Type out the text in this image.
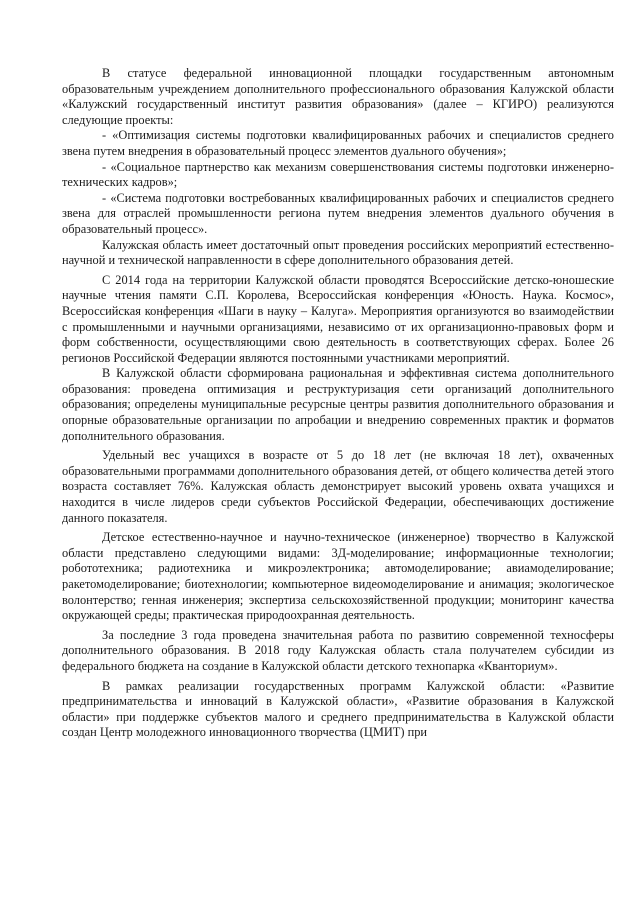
В статусе федеральной инновационной площадки государственным автономным образовательным учреждением дополнительного профессионального образования Калужской области «Калужский государственный институт развития образования» (далее – КГИРО) реализуются следующие проекты:

- «Оптимизация системы подготовки квалифицированных рабочих и специалистов среднего звена путем внедрения в образовательный процесс элементов дуального обучения»;

- «Социальное партнерство как механизм совершенствования системы подготовки инженерно-технических кадров»;

- «Система подготовки востребованных квалифицированных рабочих и специалистов среднего звена для отраслей промышленности региона путем внедрения элементов дуального обучения в образовательный процесс».

Калужская область имеет достаточный опыт проведения российских мероприятий естественно-научной и технической направленности в сфере дополнительного образования детей.

С 2014 года на территории Калужской области проводятся Всероссийские детско-юношеские научные чтения памяти С.П. Королева, Всероссийская конференция «Юность. Наука. Космос», Всероссийская конференция «Шаги в науку – Калуга». Мероприятия организуются во взаимодействии с промышленными и научными организациями, независимо от их организационно-правовых форм и форм собственности, осуществляющими свою деятельность в соответствующих сферах. Более 26 регионов Российской Федерации являются постоянными участниками мероприятий.

В Калужской области сформирована рациональная и эффективная система дополнительного образования: проведена оптимизация и реструктуризация сети организаций дополнительного образования; определены муниципальные ресурсные центры развития дополнительного образования и опорные образовательные организации по апробации и внедрению современных практик и форматов дополнительного образования.

Удельный вес учащихся в возрасте от 5 до 18 лет (не включая 18 лет), охваченных образовательными программами дополнительного образования детей, от общего количества детей этого возраста составляет 76%. Калужская область демонстрирует высокий уровень охвата учащихся и находится в числе лидеров среди субъектов Российской Федерации, обеспечивающих достижение данного показателя.

Детское естественно-научное и научно-техническое (инженерное) творчество в Калужской области представлено следующими видами: 3Д-моделирование; информационные технологии; робототехника; радиотехника и микроэлектроника; автомоделирование; авиамоделирование; ракетомоделирование; биотехнологии; компьютерное видеомоделирование и анимация; экологическое волонтерство; генная инженерия; экспертиза сельскохозяйственной продукции; мониторинг качества окружающей среды; практическая природоохранная деятельность.

За последние 3 года проведена значительная работа по развитию современной техносферы дополнительного образования. В 2018 году Калужская область стала получателем субсидии из федерального бюджета на создание в Калужской области детского технопарка «Кванториум».

В рамках реализации государственных программ Калужской области: «Развитие предпринимательства и инноваций в Калужской области», «Развитие образования в Калужской области» при поддержке субъектов малого и среднего предпринимательства в Калужской области создан Центр молодежного инновационного творчества (ЦМИТ) при
